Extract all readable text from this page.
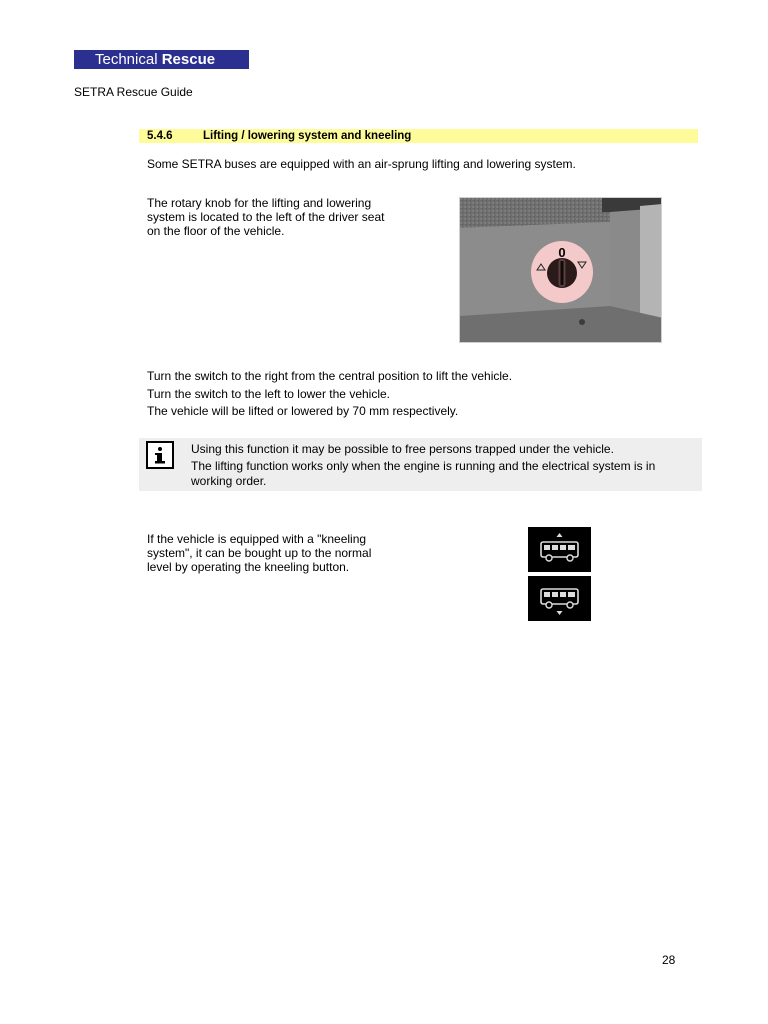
Technical Rescue
SETRA Rescue Guide
5.4.6	Lifting / lowering system and kneeling
Some SETRA buses are equipped with an air-sprung lifting and lowering system.
The rotary knob for the lifting and lowering
system is located to the left of the driver seat
on the floor of the vehicle.
0
Turn the switch to the right from the central position to lift the vehicle.
Turn the switch to the left to lower the vehicle.
The vehicle will be lifted or lowered by 70 mm respectively.
Using this function it may be possible to free persons trapped under the vehicle.
The lifting function works only when the engine is running and the electrical system is in
working order.
If the vehicle is equipped with a "kneeling
system", it can be bought up to the normal
level by operating the kneeling button.
28
